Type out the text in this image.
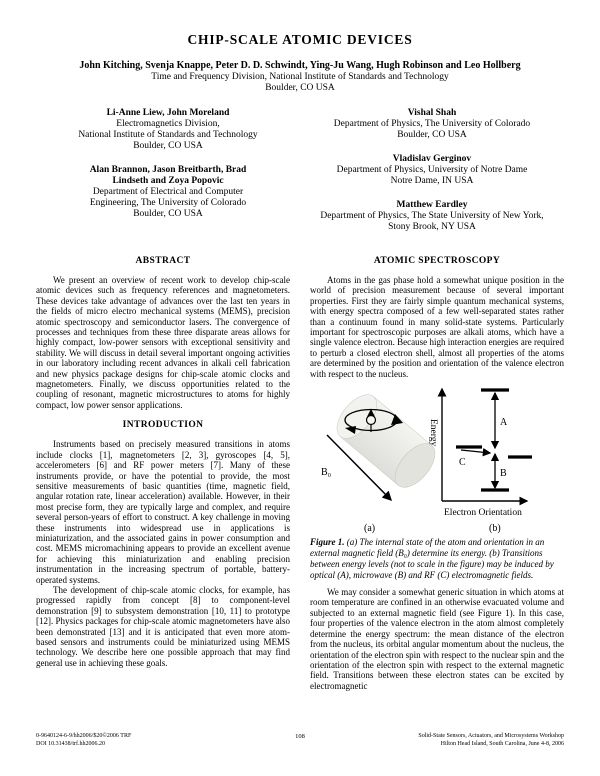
CHIP-SCALE ATOMIC DEVICES
John Kitching, Svenja Knappe, Peter D. D. Schwindt, Ying-Ju Wang, Hugh Robinson and Leo Hollberg
Time and Frequency Division, National Institute of Standards and Technology
Boulder, CO USA
Li-Anne Liew, John Moreland
Electromagnetics Division,
National Institute of Standards and Technology
Boulder, CO USA
Alan Brannon, Jason Breitbarth, Brad Lindseth and Zoya Popovic
Department of Electrical and Computer Engineering, The University of Colorado
Boulder, CO USA
Vishal Shah
Department of Physics, The University of Colorado
Boulder, CO USA
Vladislav Gerginov
Department of Physics, University of Notre Dame
Notre Dame, IN USA
Matthew Eardley
Department of Physics, The State University of New York,
Stony Brook, NY USA
ABSTRACT

We present an overview of recent work to develop chip-scale atomic devices such as frequency references and magnetometers. These devices take advantage of advances over the last ten years in the fields of micro electro mechanical systems (MEMS), precision atomic spectroscopy and semiconductor lasers. The convergence of processes and techniques from these three disparate areas allows for highly compact, low-power sensors with exceptional sensitivity and stability. We will discuss in detail several important ongoing activities in our laboratory including recent advances in alkali cell fabrication and new physics package designs for chip-scale atomic clocks and magnetometers. Finally, we discuss opportunities related to the coupling of resonant, magnetic microstructures to atoms for highly compact, low power sensor applications.

INTRODUCTION

Instruments based on precisely measured transitions in atoms include clocks [1], magnetometers [2, 3], gyroscopes [4, 5], accelerometers [6] and RF power meters [7]. Many of these instruments provide, or have the potential to provide, the most sensitive measurements of basic quantities (time, magnetic field, angular rotation rate, linear acceleration) available. However, in their most precise form, they are typically large and complex, and require several person-years of effort to construct. A key challenge in moving these instruments into widespread use in applications is miniaturization, and the associated gains in power consumption and cost. MEMS micromachining appears to provide an excellent avenue for achieving this miniaturization and enabling precision instrumentation in the increasing spectrum of portable, battery-operated systems.

The development of chip-scale atomic clocks, for example, has progressed rapidly from concept [8] to component-level demonstration [9] to subsystem demonstration [10, 11] to prototype [12]. Physics packages for chip-scale atomic magnetometers have also been demonstrated [13] and it is anticipated that even more atom-based sensors and instruments could be miniaturized using MEMS technology. We describe here one possible approach that may find general use in achieving these goals.

ATOMIC SPECTROSCOPY

Atoms in the gas phase hold a somewhat unique position in the world of precision measurement because of several important properties. First they are fairly simple quantum mechanical systems, with energy spectra composed of a few well-separated states rather than a continuum found in many solid-state systems. Particularly important for spectroscopic purposes are alkali atoms, which have a single valence electron. Because high interaction energies are required to perturb a closed electron shell, almost all properties of the atoms are determined by the position and orientation of the valence electron with respect to the nucleus.

B₀
(a)
Energy	A
C
B
Electron Orientation
(b)

Figure 1. (a) The internal state of the atom and orientation in an external magnetic field (B₀) determine its energy. (b) Transitions between energy levels (not to scale in the figure) may be induced by optical (A), microwave (B) and RF (C) electromagnetic fields.

We may consider a somewhat generic situation in which atoms at room temperature are confined in an otherwise evacuated volume and subjected to an external magnetic field (see Figure 1). In this case, four properties of the valence electron in the atom almost completely determine the energy spectrum: the mean distance of the electron from the nucleus, its orbital angular momentum about the nucleus, the orientation of the electron spin with respect to the nuclear spin and the orientation of the electron spin with respect to the external magnetic field. Transitions between these electron states can be excited by electromagnetic

0-9640124-6-9/hh2006/$20©2006 TRF
DOI 10.31438/trf.hh2006.20
108	Solid-State Sensors, Actuators, and Microsystems Workshop
Hilton Head Island, South Carolina, June 4-8, 2006
